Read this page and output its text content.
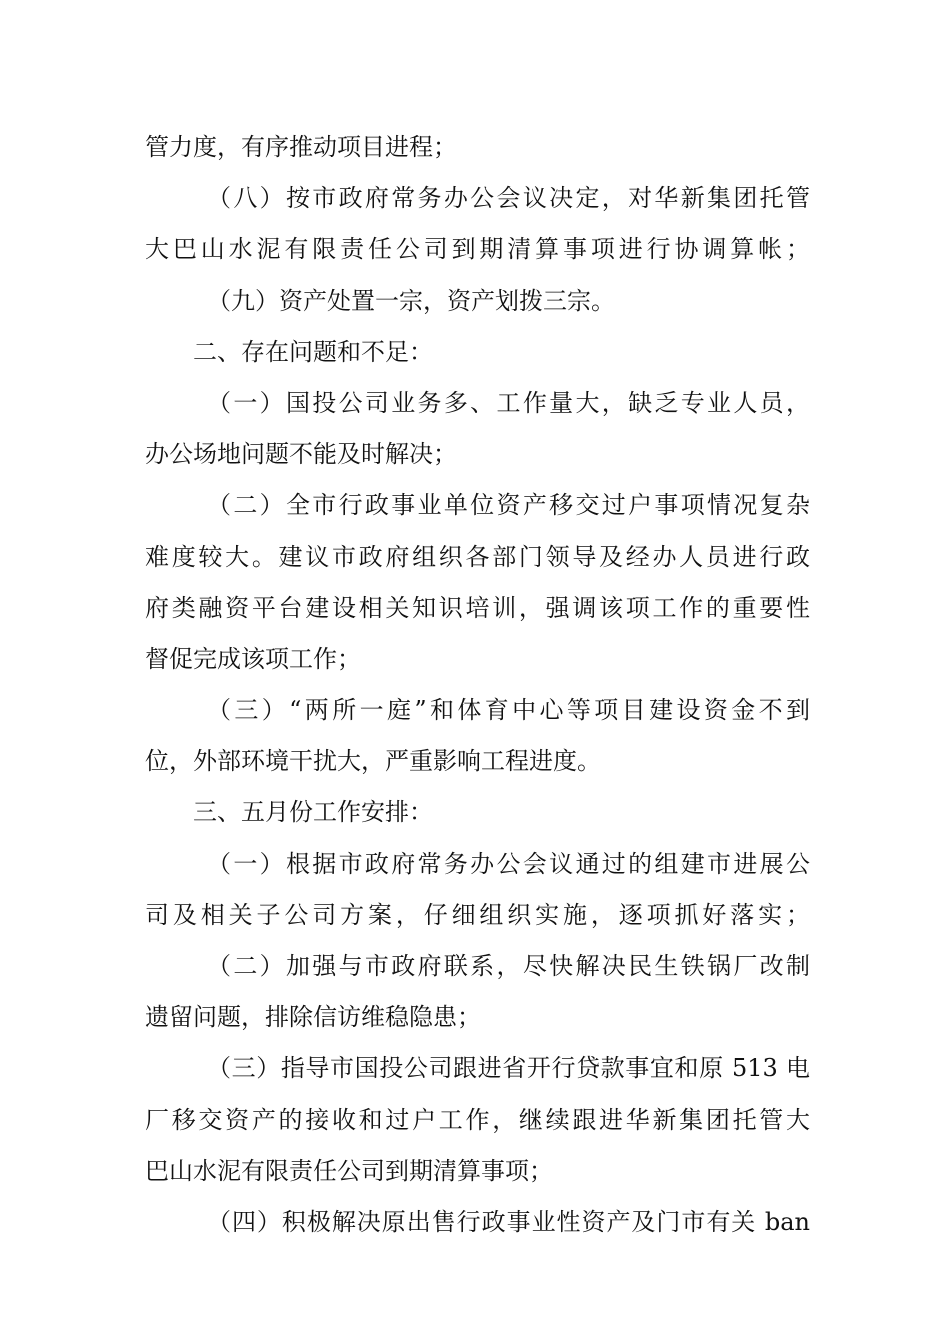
管力度，有序推动项目进程；
（八）按市政府常务办公会议决定，对华新集团托管
大巴山水泥有限责任公司到期清算事项进行协调算帐；
（九）资产处置一宗，资产划拨三宗。
二、存在问题和不足：
（一）国投公司业务多、工作量大，缺乏专业人员，
办公场地问题不能及时解决；
（二）全市行政事业单位资产移交过户事项情况复杂
难度较大。建议市政府组织各部门领导及经办人员进行政
府类融资平台建设相关知识培训，强调该项工作的重要性
督促完成该项工作；
（三）“两所一庭”和体育中心等项目建设资金不到
位，外部环境干扰大，严重影响工程进度。
三、五月份工作安排：
（一）根据市政府常务办公会议通过的组建市进展公
司及相关子公司方案，仔细组织实施，逐项抓好落实；
（二）加强与市政府联系，尽快解决民生铁锅厂改制
遗留问题，排除信访维稳隐患；
（三）指导市国投公司跟进省开行贷款事宜和原 513 电
厂移交资产的接收和过户工作，继续跟进华新集团托管大
巴山水泥有限责任公司到期清算事项；
（四）积极解决原出售行政事业性资产及门市有关 ban
